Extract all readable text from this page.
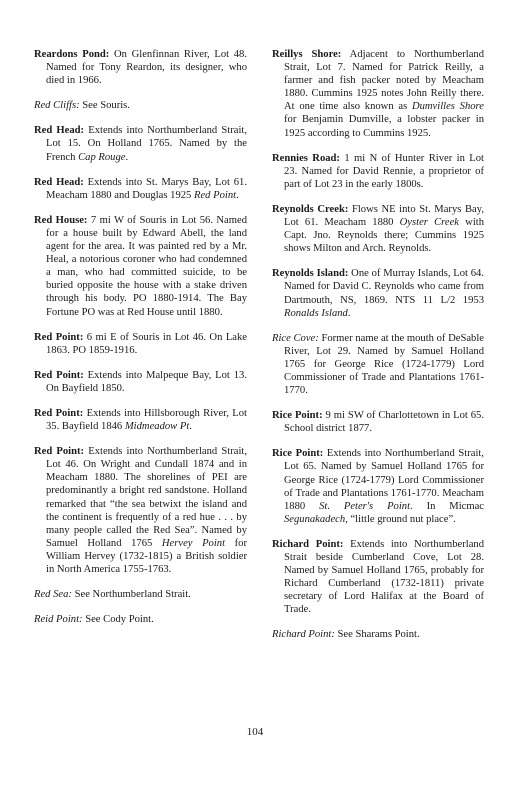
Reardons Pond: On Glenfinnan River, Lot 48. Named for Tony Reardon, its designer, who died in 1966.

Red Cliffs: See Souris.

Red Head: Extends into Northumberland Strait, Lot 15. On Holland 1765. Named by the French Cap Rouge.

Red Head: Extends into St. Marys Bay, Lot 61. Meacham 1880 and Douglas 1925 Red Point.

Red House: 7 mi W of Souris in Lot 56. Named for a house built by Edward Abell, the land agent for the area. It was painted red by a Mr. Heal, a notorious coroner who had condemned a man, who had committed suicide, to be buried opposite the house with a stake driven through his body. PO 1880-1914. The Bay Fortune PO was at Red House until 1880.

Red Point: 6 mi E of Souris in Lot 46. On Lake 1863. PO 1859-1916.

Red Point: Extends into Malpeque Bay, Lot 13. On Bayfield 1850.

Red Point: Extends into Hillsborough River, Lot 35. Bayfield 1846 Midmeadow Pt.

Red Point: Extends into Northumberland Strait, Lot 46. On Wright and Cundall 1874 and in Meacham 1880. The shorelines of PEI are predominantly a bright red sandstone. Holland remarked that “the sea betwixt the island and the continent is frequently of a red hue . . . by many people called the Red Sea”. Named by Samuel Holland 1765 Hervey Point for William Hervey (1732-1815) a British soldier in North America 1755-1763.

Red Sea: See Northumberland Strait.

Reid Point: See Cody Point.

Reillys Shore: Adjacent to Northumberland Strait, Lot 7. Named for Patrick Reilly, a farmer and fish packer noted by Meacham 1880. Cummins 1925 notes John Reilly there. At one time also known as Dumvilles Shore for Benjamin Dumville, a lobster packer in 1925 according to Cummins 1925.

Rennies Road: 1 mi N of Hunter River in Lot 23. Named for David Rennie, a proprietor of part of Lot 23 in the early 1800s.

Reynolds Creek: Flows NE into St. Marys Bay, Lot 61. Meacham 1880 Oyster Creek with Capt. Jno. Reynolds there; Cummins 1925 shows Milton and Arch. Reynolds.

Reynolds Island: One of Murray Islands, Lot 64. Named for David C. Reynolds who came from Dartmouth, NS, 1869. NTS 11 L/2 1953 Ronalds Island.

Rice Cove: Former name at the mouth of DeSable River, Lot 29. Named by Samuel Holland 1765 for George Rice (1724-1779) Lord Commissioner of Trade and Plantations 1761-1770.

Rice Point: 9 mi SW of Charlottetown in Lot 65. School district 1877.

Rice Point: Extends into Northumberland Strait, Lot 65. Named by Samuel Holland 1765 for George Rice (1724-1779) Lord Commissioner of Trade and Plantations 1761-1770. Meacham 1880 St. Peter's Point. In Micmac Segunakadech, “little ground nut place”.

Richard Point: Extends into Northumberland Strait beside Cumberland Cove, Lot 28. Named by Samuel Holland 1765, probably for Richard Cumberland (1732-1811) private secretary of Lord Halifax at the Board of Trade.

Richard Point: See Sharams Point.

104
